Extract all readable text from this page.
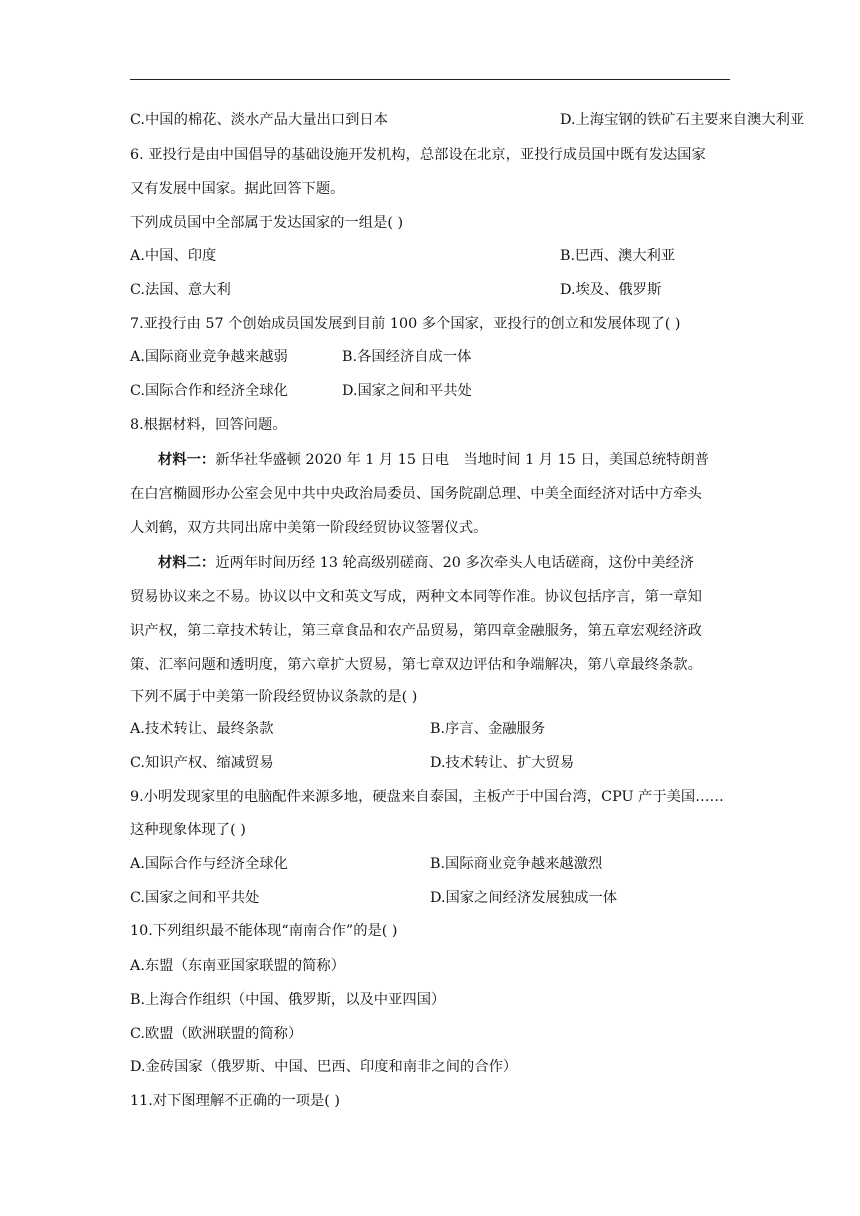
C.中国的棉花、淡水产品大量出口到日本	D.上海宝钢的铁矿石主要来自澳大利亚
6. 亚投行是由中国倡导的基础设施开发机构，总部设在北京，亚投行成员国中既有发达国家
又有发展中国家。据此回答下题。
下列成员国中全部属于发达国家的一组是( )
A.中国、印度	B.巴西、澳大利亚
C.法国、意大利	D.埃及、俄罗斯
7.亚投行由 57 个创始成员国发展到目前 100 多个国家，亚投行的创立和发展体现了( )
A.国际商业竞争越来越弱	B.各国经济自成一体
C.国际合作和经济全球化	D.国家之间和平共处
8.根据材料，回答问题。
材料一：新华社华盛顿 2020 年 1 月 15 日电　当地时间 1 月 15 日，美国总统特朗普
在白宫椭圆形办公室会见中共中央政治局委员、国务院副总理、中美全面经济对话中方牵头
人刘鹤，双方共同出席中美第一阶段经贸协议签署仪式。
材料二：近两年时间历经 13 轮高级别磋商、20 多次牵头人电话磋商，这份中美经济
贸易协议来之不易。协议以中文和英文写成，两种文本同等作准。协议包括序言，第一章知
识产权，第二章技术转让，第三章食品和农产品贸易，第四章金融服务，第五章宏观经济政
策、汇率问题和透明度，第六章扩大贸易，第七章双边评估和争端解决，第八章最终条款。
下列不属于中美第一阶段经贸协议条款的是( )
A.技术转让、最终条款	B.序言、金融服务
C.知识产权、缩减贸易	D.技术转让、扩大贸易
9.小明发现家里的电脑配件来源多地，硬盘来自泰国，主板产于中国台湾，CPU 产于美国……
这种现象体现了( )
A.国际合作与经济全球化	B.国际商业竞争越来越激烈
C.国家之间和平共处	D.国家之间经济发展独成一体
10.下列组织最不能体现“南南合作”的是( )
A.东盟（东南亚国家联盟的简称）
B.上海合作组织（中国、俄罗斯，以及中亚四国）
C.欧盟（欧洲联盟的简称）
D.金砖国家（俄罗斯、中国、巴西、印度和南非之间的合作）
11.对下图理解不正确的一项是( )
